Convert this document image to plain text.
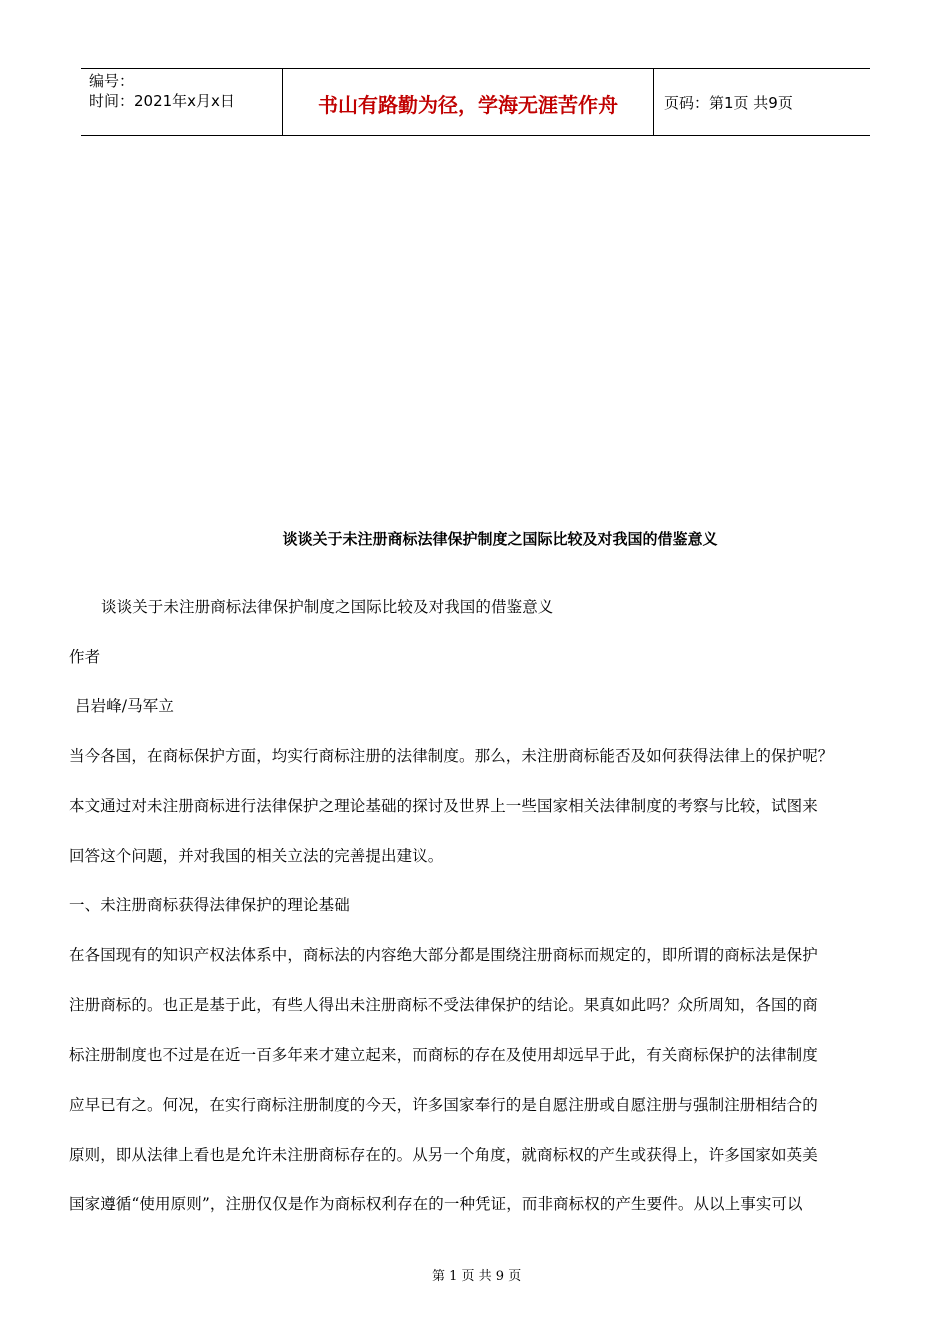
编号：
时间：2021年x月x日	书山有路勤为径，学海无涯苦作舟	页码：第1页 共9页
谈谈关于未注册商标法律保护制度之国际比较及对我国的借鉴意义
谈谈关于未注册商标法律保护制度之国际比较及对我国的借鉴意义
作者
吕岩峰/马军立
当今各国，在商标保护方面，均实行商标注册的法律制度。那么，未注册商标能否及如何获得法律上的保护呢？
本文通过对未注册商标进行法律保护之理论基础的探讨及世界上一些国家相关法律制度的考察与比较，试图来
回答这个问题，并对我国的相关立法的完善提出建议。
一、未注册商标获得法律保护的理论基础
在各国现有的知识产权法体系中，商标法的内容绝大部分都是围绕注册商标而规定的，即所谓的商标法是保护
注册商标的。也正是基于此，有些人得出未注册商标不受法律保护的结论。果真如此吗？众所周知，各国的商
标注册制度也不过是在近一百多年来才建立起来，而商标的存在及使用却远早于此，有关商标保护的法律制度
应早已有之。何况，在实行商标注册制度的今天，许多国家奉行的是自愿注册或自愿注册与强制注册相结合的
原则，即从法律上看也是允许未注册商标存在的。从另一个角度，就商标权的产生或获得上，许多国家如英美
国家遵循“使用原则”，注册仅仅是作为商标权利存在的一种凭证，而非商标权的产生要件。从以上事实可以
第 1 页 共 9 页
